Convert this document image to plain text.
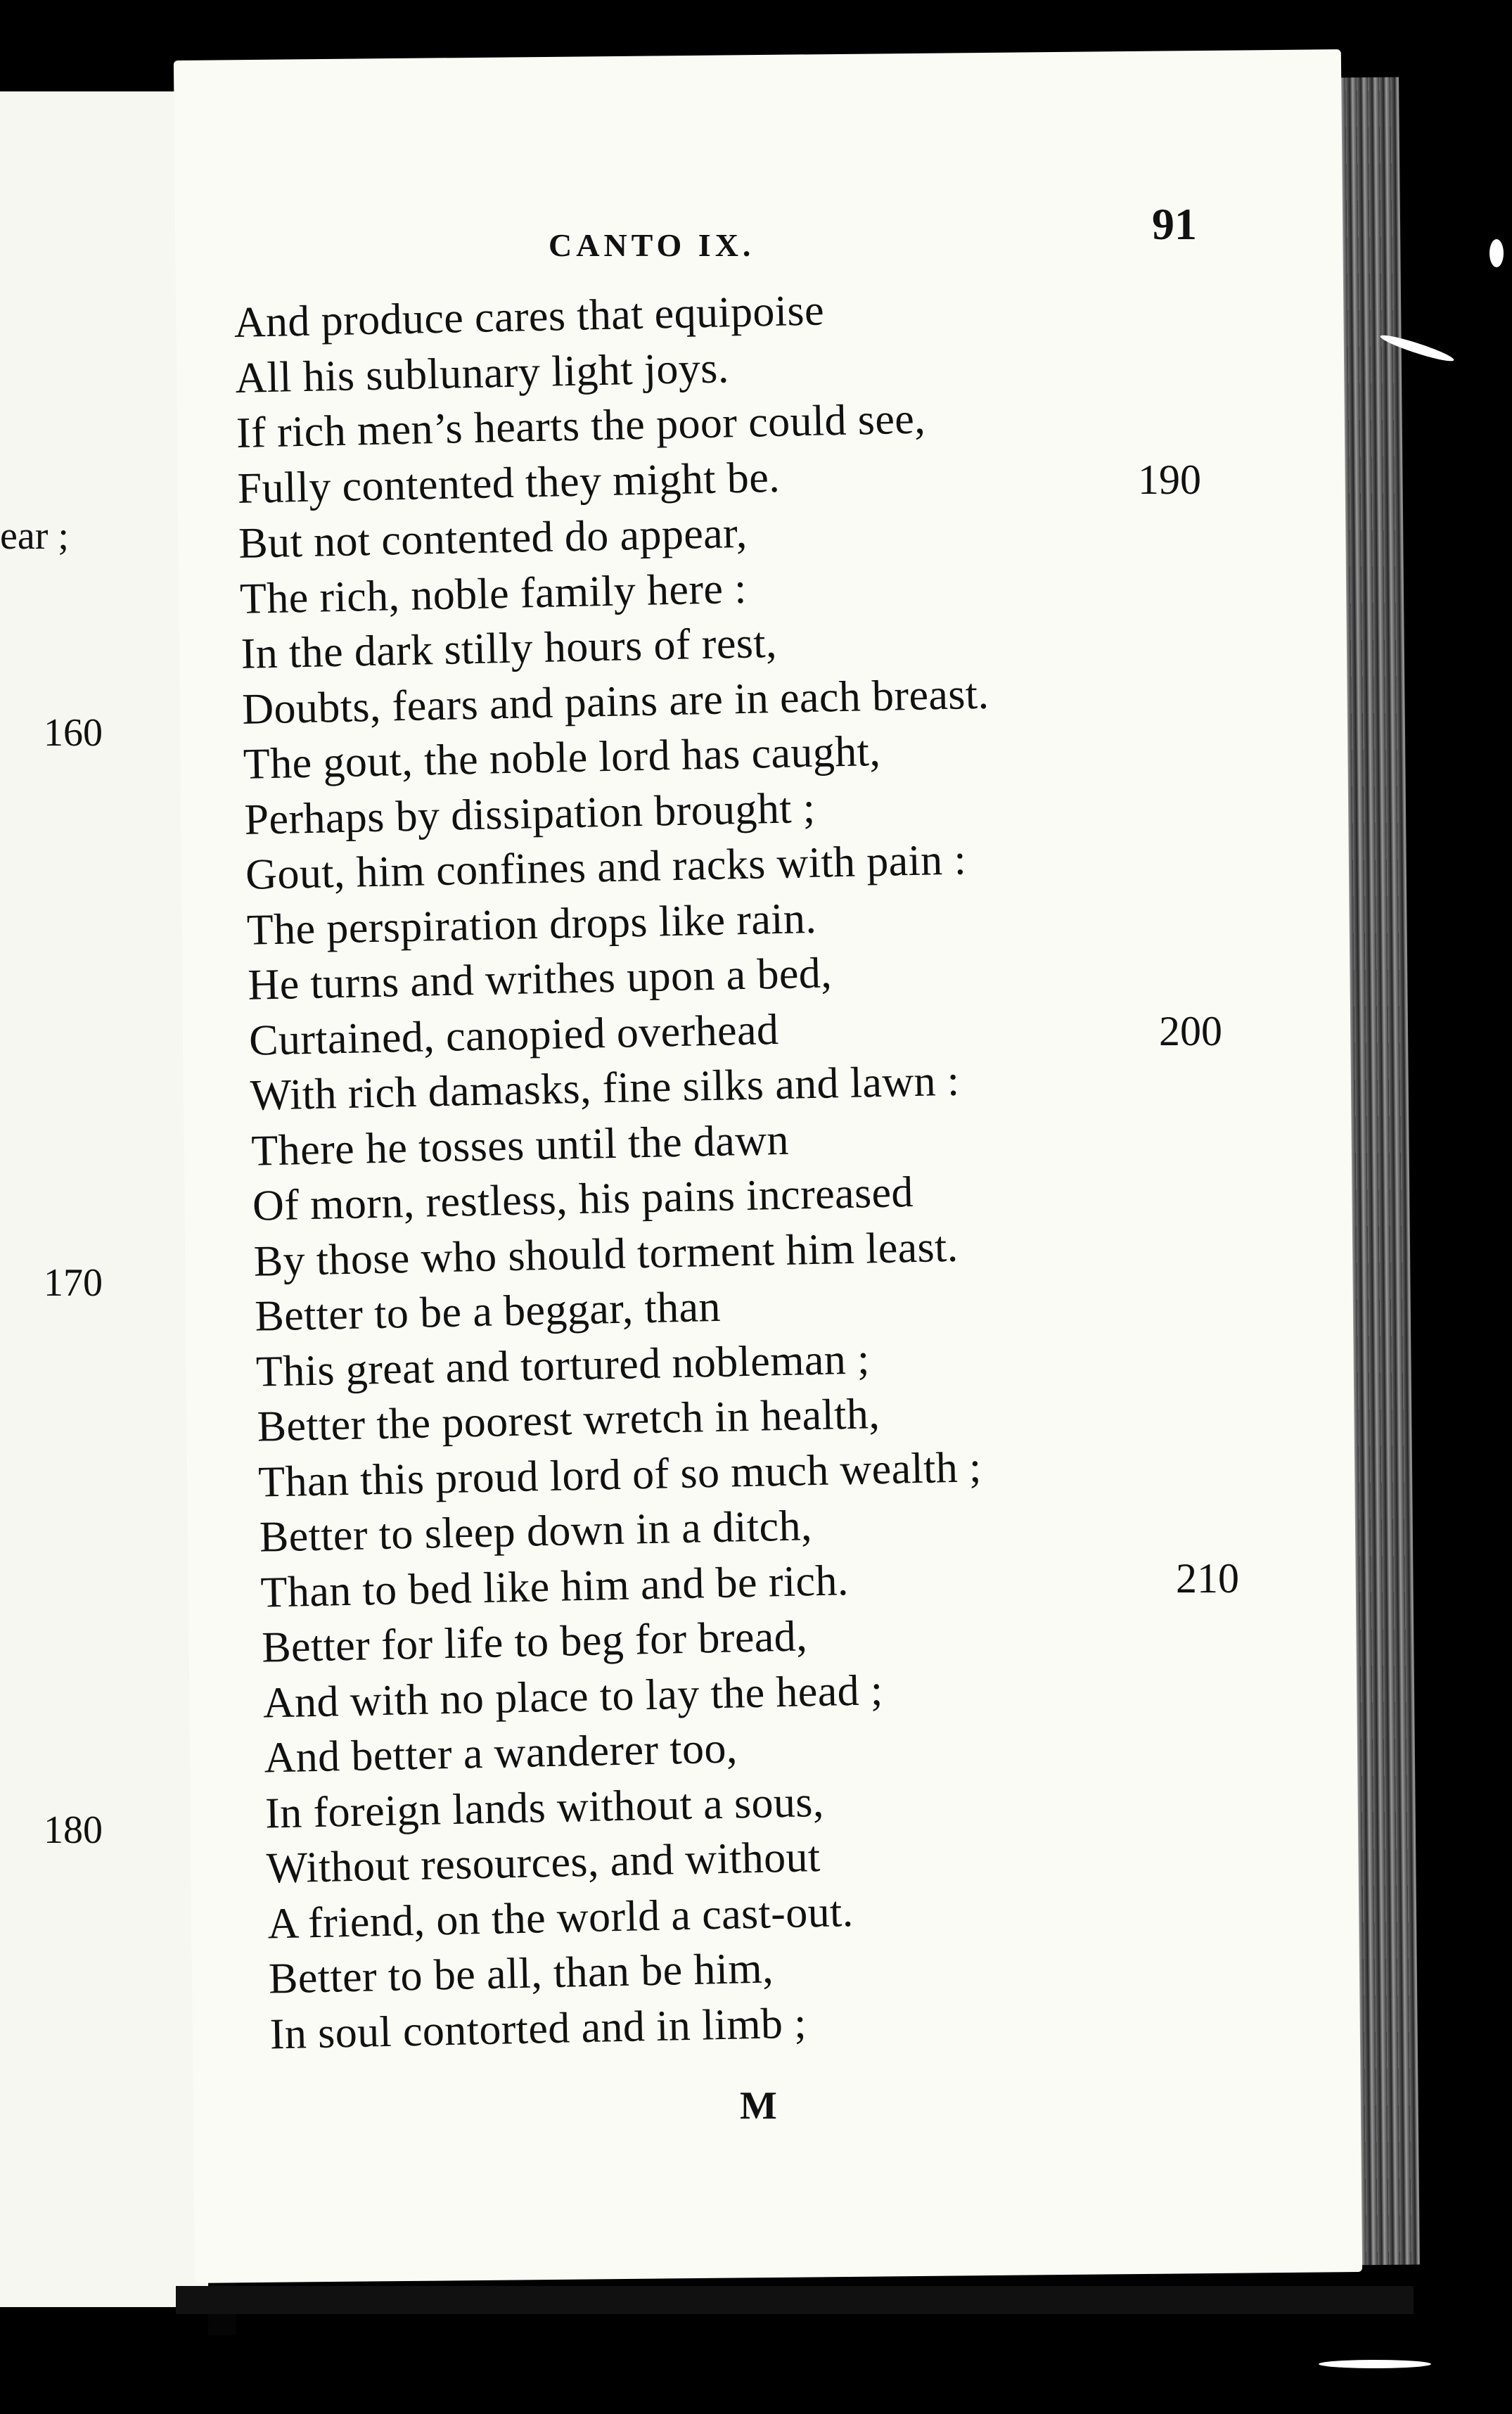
ear ;
160
170
180
CANTO IX.	91
And produce cares that equipoise
All his sublunary light joys.
If rich men’s hearts the poor could see,
Fully contented they might be.
But not contented do appear,
The rich, noble family here :
In the dark stilly hours of rest,
Doubts, fears and pains are in each breast.
The gout, the noble lord has caught,
Perhaps by dissipation brought ;
Gout, him confines and racks with pain :
The perspiration drops like rain.
He turns and writhes upon a bed,
Curtained, canopied overhead
With rich damasks, fine silks and lawn :
There he tosses until the dawn
Of morn, restless, his pains increased
By those who should torment him least.
Better to be a beggar, than
This great and tortured nobleman ;
Better the poorest wretch in health,
Than this proud lord of so much wealth ;
Better to sleep down in a ditch,
Than to bed like him and be rich.
Better for life to beg for bread,
And with no place to lay the head ;
And better a wanderer too,
In foreign lands without a sous,
Without resources, and without
A friend, on the world a cast-out.
Better to be all, than be him,
In soul contorted and in limb ;
190
200
210
M
